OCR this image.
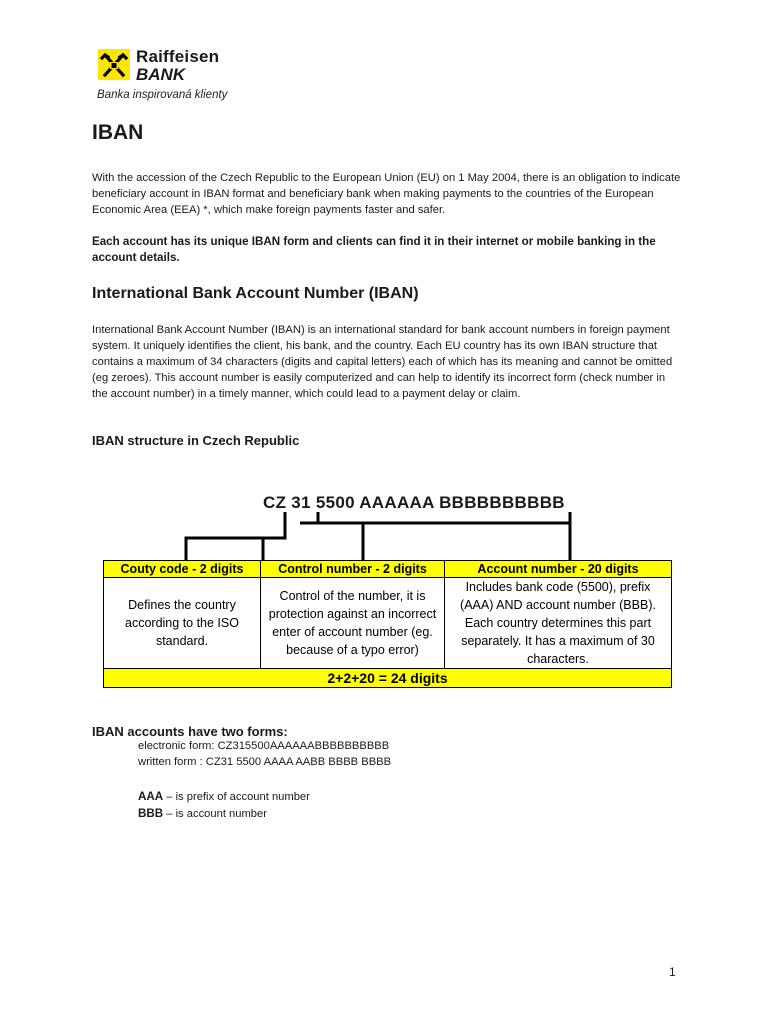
Raiffeisen
BANK
Banka inspirovaná klienty
IBAN

With the accession of the Czech Republic to the European Union (EU) on 1 May 2004, there is an obligation to indicate beneficiary account in IBAN format and beneficiary bank when making payments to the countries of the European Economic Area (EEA) *, which make foreign payments faster and safer.

Each account has its unique IBAN form and clients can find it in their internet or mobile banking in the account details.

International Bank Account Number (IBAN)

International Bank Account Number (IBAN) is an international standard for bank account numbers in foreign payment system. It uniquely identifies the client, his bank, and the country. Each EU country has its own IBAN structure that contains a maximum of 34 characters (digits and capital letters) each of which has its meaning and cannot be omitted (eg zeroes). This account number is easily computerized and can help to identify its incorrect form (check number in the account number) in a timely manner, which could lead to a payment delay or claim.

IBAN structure in Czech Republic
CZ 31 5500 AAAAAA BBBBBBBBBB
Couty code - 2 digits	Control number - 2 digits	Account number - 20 digits
Defines the country according to the ISO standard.	Control of the number, it is protection against an incorrect enter of account number (eg. because of a typo error)	Includes bank code (5500), prefix (AAA) AND account number (BBB). Each country determines this part separately. It has a maximum of 30 characters.
2+2+20 = 24 digits		
IBAN accounts have two forms:
electronic form: CZ315500AAAAAABBBBBBBBBB
written form : CZ31 5500 AAAA AABB BBBB BBBB
AAA – is prefix of account number
BBB – is account number
1
